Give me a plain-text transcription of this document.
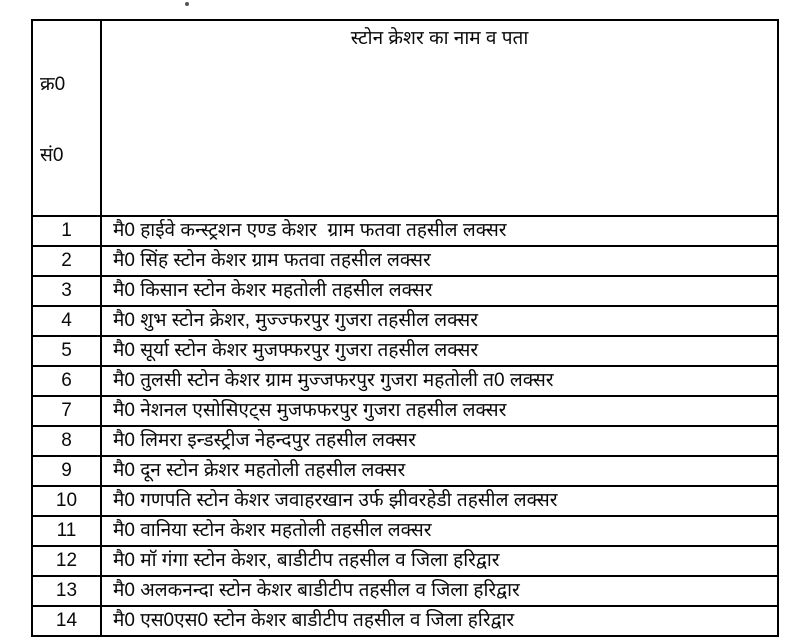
क्र0

सं0	स्टोन क्रेशर का नाम व पता
1	मै0 हाईवे कन्स्ट्रशन एण्ड केशर  ग्राम फतवा तहसील लक्सर
2	मै0 सिंह स्टोन केशर ग्राम फतवा तहसील लक्सर
3	मै0 किसान स्टोन केशर महतोली तहसील लक्सर
4	मै0 शुभ स्टोन क्रेशर, मुज्ज्फरपुर गुजरा तहसील लक्सर
5	मै0 सूर्या स्टोन केशर मुजफ्फरपुर गुजरा तहसील लक्सर
6	मै0 तुलसी स्टोन केशर ग्राम मुज्जफरपुर गुजरा महतोली त0 लक्सर
7	मै0 नेशनल एसोसिएट्स मुजफफरपुर गुजरा तहसील लक्सर
8	मै0 लिमरा इन्डस्ट्रीज नेहन्दपुर तहसील लक्सर
9	मै0 दून स्टोन क्रेशर महतोली तहसील लक्सर
10	मै0 गणपति स्टोन केशर जवाहरखान उर्फ झीवरहेडी तहसील लक्सर
11	मै0 वानिया स्टोन केशर महतोली तहसील लक्सर
12	मै0 मॉ गंगा स्टोन केशर, बाडीटीप तहसील व जिला हरिद्वार
13	मै0 अलकनन्दा स्टोन केशर बाडीटीप तहसील व जिला हरिद्वार
14	मै0 एस0एस0 स्टोन केशर बाडीटीप तहसील व जिला हरिद्वार
